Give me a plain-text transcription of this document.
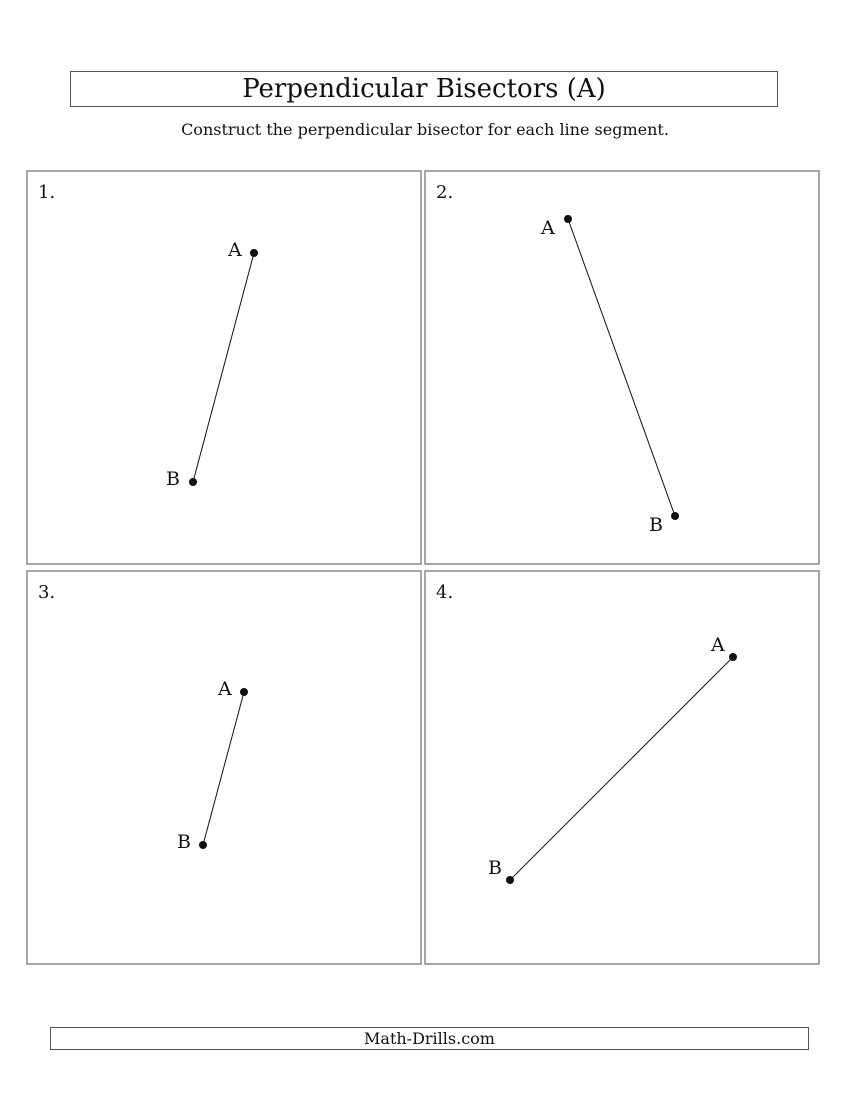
Perpendicular Bisectors (A)
Construct the perpendicular bisector for each line segment.
1.
A
B
2.
A
B
3.
A
B
4.
A
B
Math-Drills.com
